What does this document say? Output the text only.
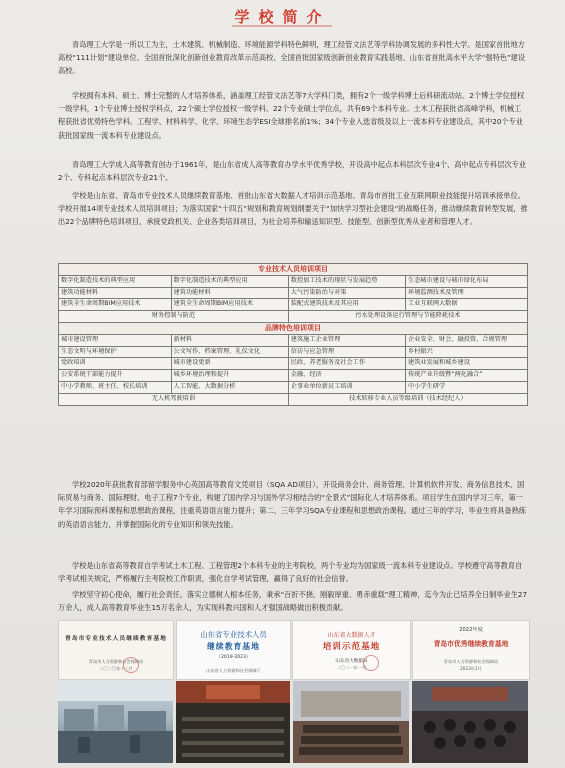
学校简介

青岛理工大学是一所以工为主，土木建筑、机械制造、环境能源学科特色鲜明，理工经管文法艺等学科协调发展的多科性大学。是国家首批地方高校“111计划”建设单位、全国首批深化创新创业教育改革示范高校、全国首批国家级创新创业教育实践基地、山东省首批高水平大学“强特色”建设高校。

学校拥有本科、硕士、博士完整的人才培养体系，涵盖理工经管文法艺等7大学科门类，拥有2个一级学科博士后科研流动站、2个博士学位授权一级学科，1个专业博士授权学科点，22个硕士学位授权一级学科、22个专业硕士学位点，共有69个本科专业。土木工程获批省高峰学科，机械工程获批省优势特色学科。工程学、材料科学、化学、环境生态学ESI全球排名前1%；34个专业入选省级及以上一流本科专业建设点，其中20个专业获批国家级一流本科专业建设点。

青岛理工大学成人高等教育创办于1961年，是山东省成人高等教育办学水平优秀学校，开设高中起点本科层次专业4个、高中起点专科层次专业2个、专科起点本科层次专业21个。

学校是山东省、青岛市专业技术人员继续教育基地、首批山东省大数据人才培训示范基地、青岛市首批工业互联网职业技能提升培训承接单位。学校开展14项专业技术人员培训项目；为落实国家“十四五”规划和教育规划纲要关于“加快学习型社会建设”的战略任务，推动继续教育转型发展，推出22个品牌特色培训项目，承接党政机关、企业各类培训项目，为社会培养和输送知识型、技能型、创新型优秀从业者和管理人才。

专业技术人员培训项目			
数字化制造技术的典型应用	数字化制造技术的典型应用	数控加工技术的现状与发展趋势	生态城市建设与城市绿化布局
建筑功能材料	建筑功能材料	大气污染防治与对策	环境监测技术及管理
建筑全生命周期BIM应用技术	建筑全生命周期BIM应用技术	装配式建筑技术及其应用	工业互联网大数据
财务控制与防范		污水处理设备运行管理与节能降耗技术	
品牌特色培训项目			
城市建设管理	新材料	建筑施工企业管理	企业安全、财会、融投资、合规管理
生态文明与环境保护	公文写作、档案管理、礼仪文化	信访与应急管理	乡村振兴
党政培训	城市建设更新	民政、养老服务及社会工作	建筑业发展和城乡建设
公安系统干部能力提升	城乡环境治理和提升	金融、经济	传统产业升级暨“两化融合”
中小学教师、班主任、校长培训	人工智能、大数据分析	企事业单位新员工培训	中小学生研学
无人机驾驶培训		技术转移专业人员等级培训（技术经纪人）	

学校2020年获批教育部留学服务中心英国高等教育文凭项目（SQA AD项目），开设商务会计、商务管理、计算机软件开发、商务信息技术、国际贸易与商务、国际理财、电子工程7个专业，构建了国内学习与国外学习相结合的“全景式”国际化人才培养体系。项目学生在国内学习三年，第一年学习国际预科课程和思想政治课程，注重英语语言能力提升；第二、三年学习SQA专业课程和思想政治课程。通过三年的学习，毕业生将具备熟练的英语语言能力，并掌握国际化的专业知识和领先技能。

学校是山东省高等教育自学考试土木工程、工程管理2个本科专业的主考院校，两个专业均为国家级一流本科专业建设点。学校遵守高等教育自学考试相关规定，严格履行主考院校工作职责，强化自学考试管理，赢得了良好的社会信誉。

学校坚守初心使命，履行社会责任，落实立德树人根本任务，秉承“百折不挠、刚毅厚重、勇赤重载”理工精神，迄今为止已培养全日制毕业生27万余人，成人高等教育毕业生15万名余人，为实现科教兴国和人才强国战略做出积极贡献。

青岛市专业技术人员继续教育基地
青岛市人力资源和社会保障局
二〇二〇年十二月
山东省专业技术人员
继续教育基地
（2019-2023）
山东省人力资源和社会保障厅
山东省大数据人才
培训示范基地
山东省大数据局
二〇二一年一月
2022年度
青岛市优秀继续教育基地
青岛市人力资源和社会保障局
2023年1月
